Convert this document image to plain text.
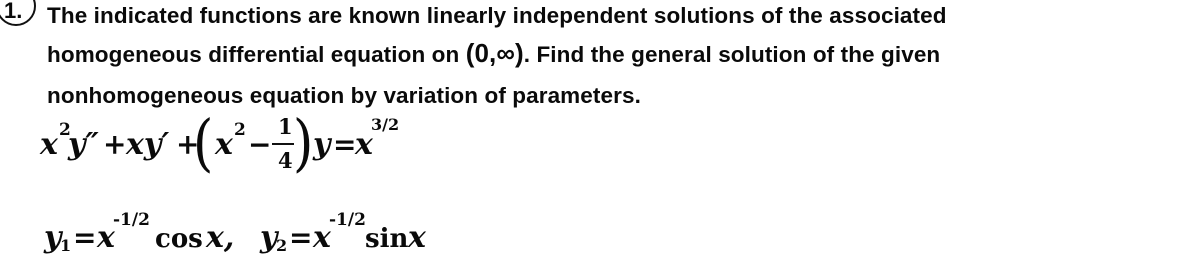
1. The indicated functions are known linearly independent solutions of the associated
homogeneous differential equation on (0,∞). Find the general solution of the given
nonhomogeneous equation by variation of parameters.
x 2
y″ + xy′ +
( x 2 −
1
4 ) y =
x
3/2
y
1 = x
-1/2
cos x, y
2 = x
-1/2
sin x
